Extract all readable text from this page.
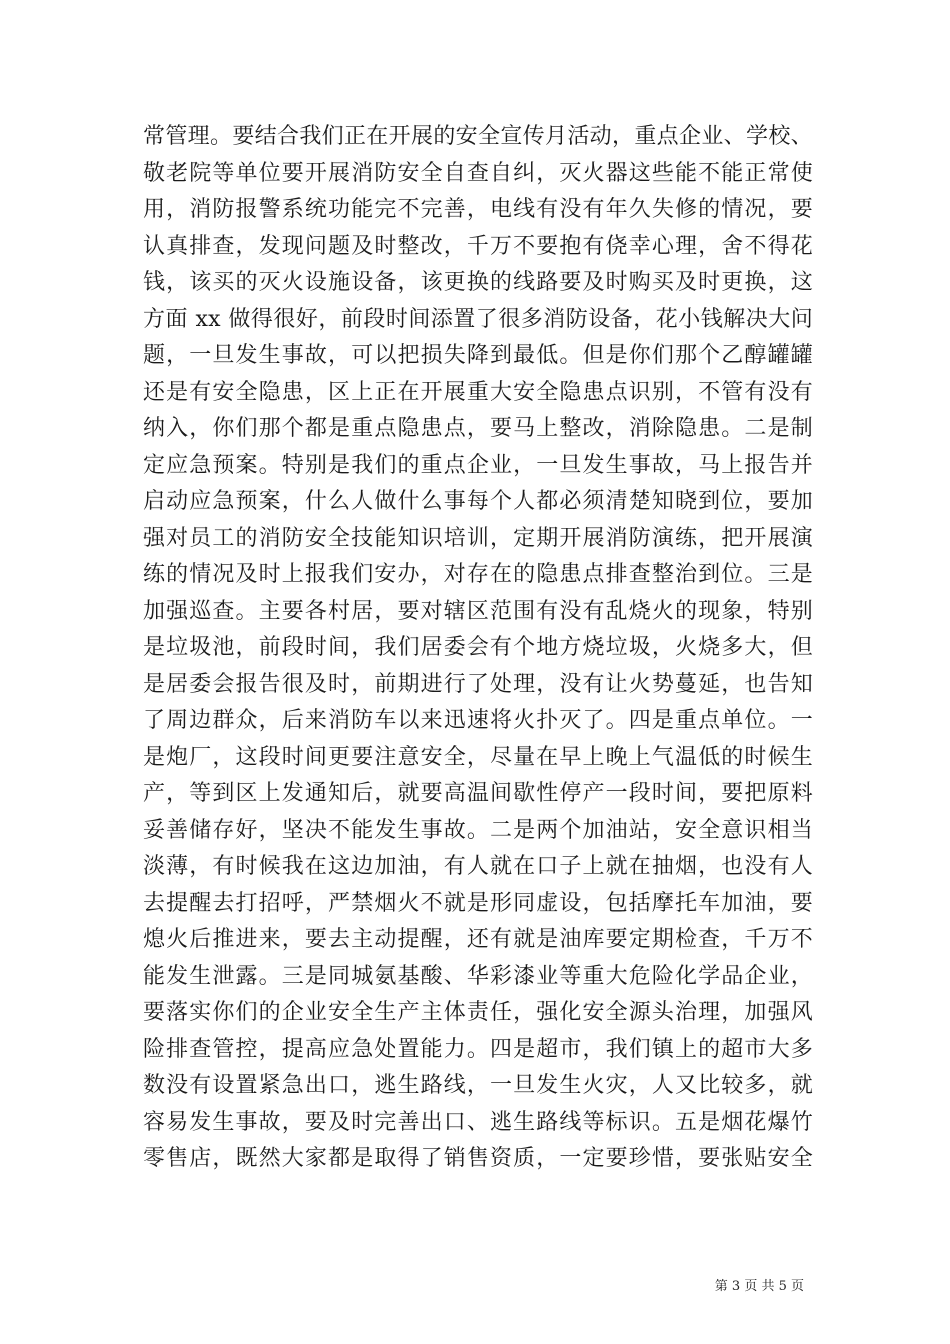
常管理。要结合我们正在开展的安全宣传月活动，重点企业、学校、
敬老院等单位要开展消防安全自查自纠，灭火器这些能不能正常使
用，消防报警系统功能完不完善，电线有没有年久失修的情况，要
认真排查，发现问题及时整改，千万不要抱有侥幸心理，舍不得花
钱，该买的灭火设施设备，该更换的线路要及时购买及时更换，这
方面 xx 做得很好，前段时间添置了很多消防设备，花小钱解决大问
题，一旦发生事故，可以把损失降到最低。但是你们那个乙醇罐罐
还是有安全隐患，区上正在开展重大安全隐患点识别，不管有没有
纳入，你们那个都是重点隐患点，要马上整改，消除隐患。二是制
定应急预案。特别是我们的重点企业，一旦发生事故，马上报告并
启动应急预案，什么人做什么事每个人都必须清楚知晓到位，要加
强对员工的消防安全技能知识培训，定期开展消防演练，把开展演
练的情况及时上报我们安办，对存在的隐患点排查整治到位。三是
加强巡查。主要各村居，要对辖区范围有没有乱烧火的现象，特别
是垃圾池，前段时间，我们居委会有个地方烧垃圾，火烧多大，但
是居委会报告很及时，前期进行了处理，没有让火势蔓延，也告知
了周边群众，后来消防车以来迅速将火扑灭了。四是重点单位。一
是炮厂，这段时间更要注意安全，尽量在早上晚上气温低的时候生
产，等到区上发通知后，就要高温间歇性停产一段时间，要把原料
妥善储存好，坚决不能发生事故。二是两个加油站，安全意识相当
淡薄，有时候我在这边加油，有人就在口子上就在抽烟，也没有人
去提醒去打招呼，严禁烟火不就是形同虚设，包括摩托车加油，要
熄火后推进来，要去主动提醒，还有就是油库要定期检查，千万不
能发生泄露。三是同城氨基酸、华彩漆业等重大危险化学品企业，
要落实你们的企业安全生产主体责任，强化安全源头治理，加强风
险排查管控，提高应急处置能力。四是超市，我们镇上的超市大多
数没有设置紧急出口，逃生路线，一旦发生火灾，人又比较多，就
容易发生事故，要及时完善出口、逃生路线等标识。五是烟花爆竹
零售店，既然大家都是取得了销售资质，一定要珍惜，要张贴安全
第 3 页 共 5 页
